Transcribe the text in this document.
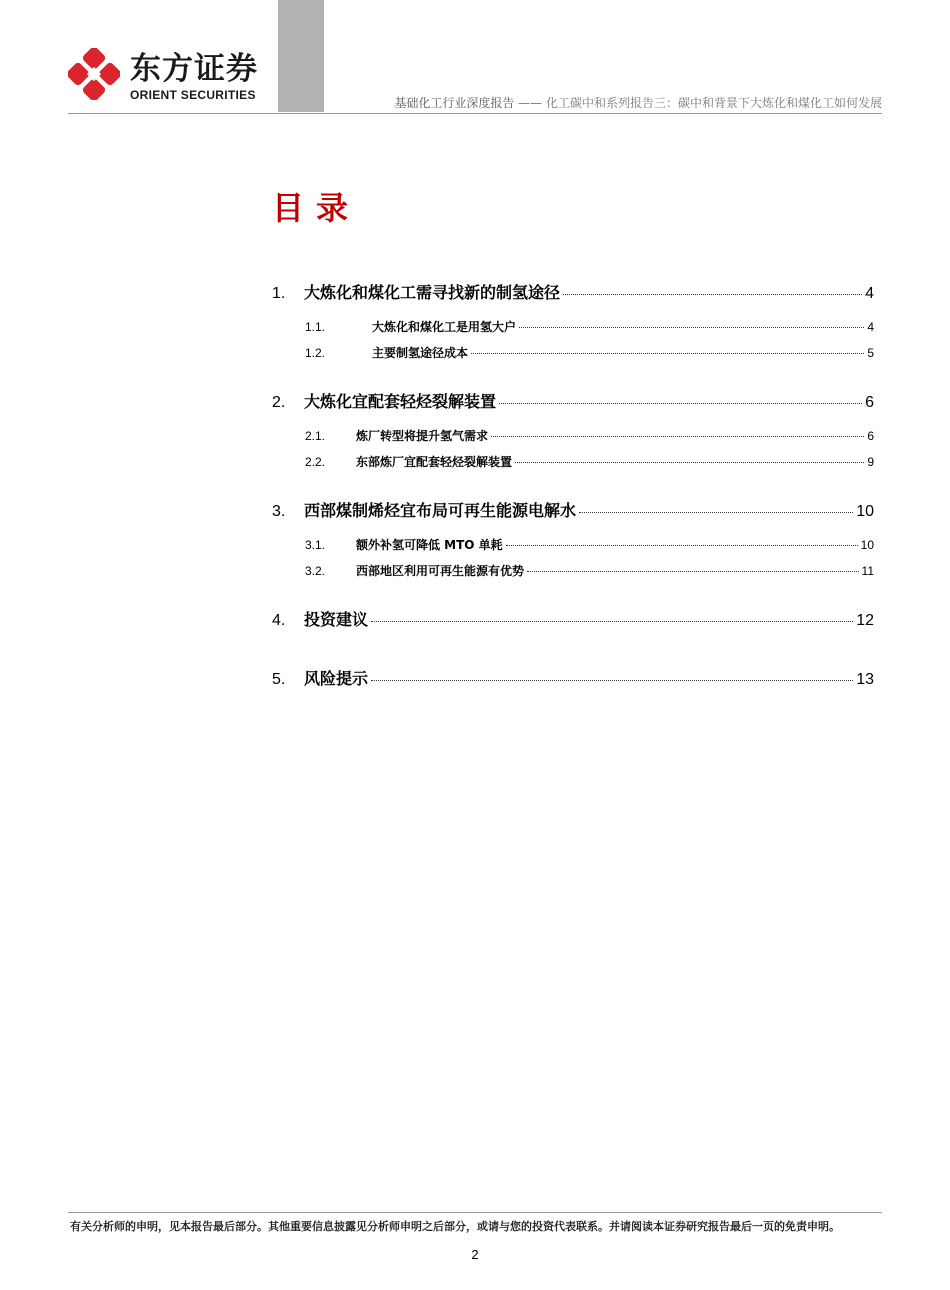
东方证券
ORIENT SECURITIES
基础化工行业深度报告 —— 化工碳中和系列报告三：碳中和背景下大炼化和煤化工如何发展
目录
1.	大炼化和煤化工需寻找新的制氢途径	4
1.1.	大炼化和煤化工是用氢大户	4
1.2.	主要制氢途径成本	5
2.	大炼化宜配套轻烃裂解装置	6
2.1.	炼厂转型将提升氢气需求	6
2.2.	东部炼厂宜配套轻烃裂解装置	9
3.	西部煤制烯烃宜布局可再生能源电解水	10
3.1.	额外补氢可降低 MTO 单耗	10
3.2.	西部地区利用可再生能源有优势	11
4.	投资建议	12
5.	风险提示	13
有关分析师的申明，见本报告最后部分。其他重要信息披露见分析师申明之后部分，或请与您的投资代表联系。并请阅读本证券研究报告最后一页的免责申明。
2
